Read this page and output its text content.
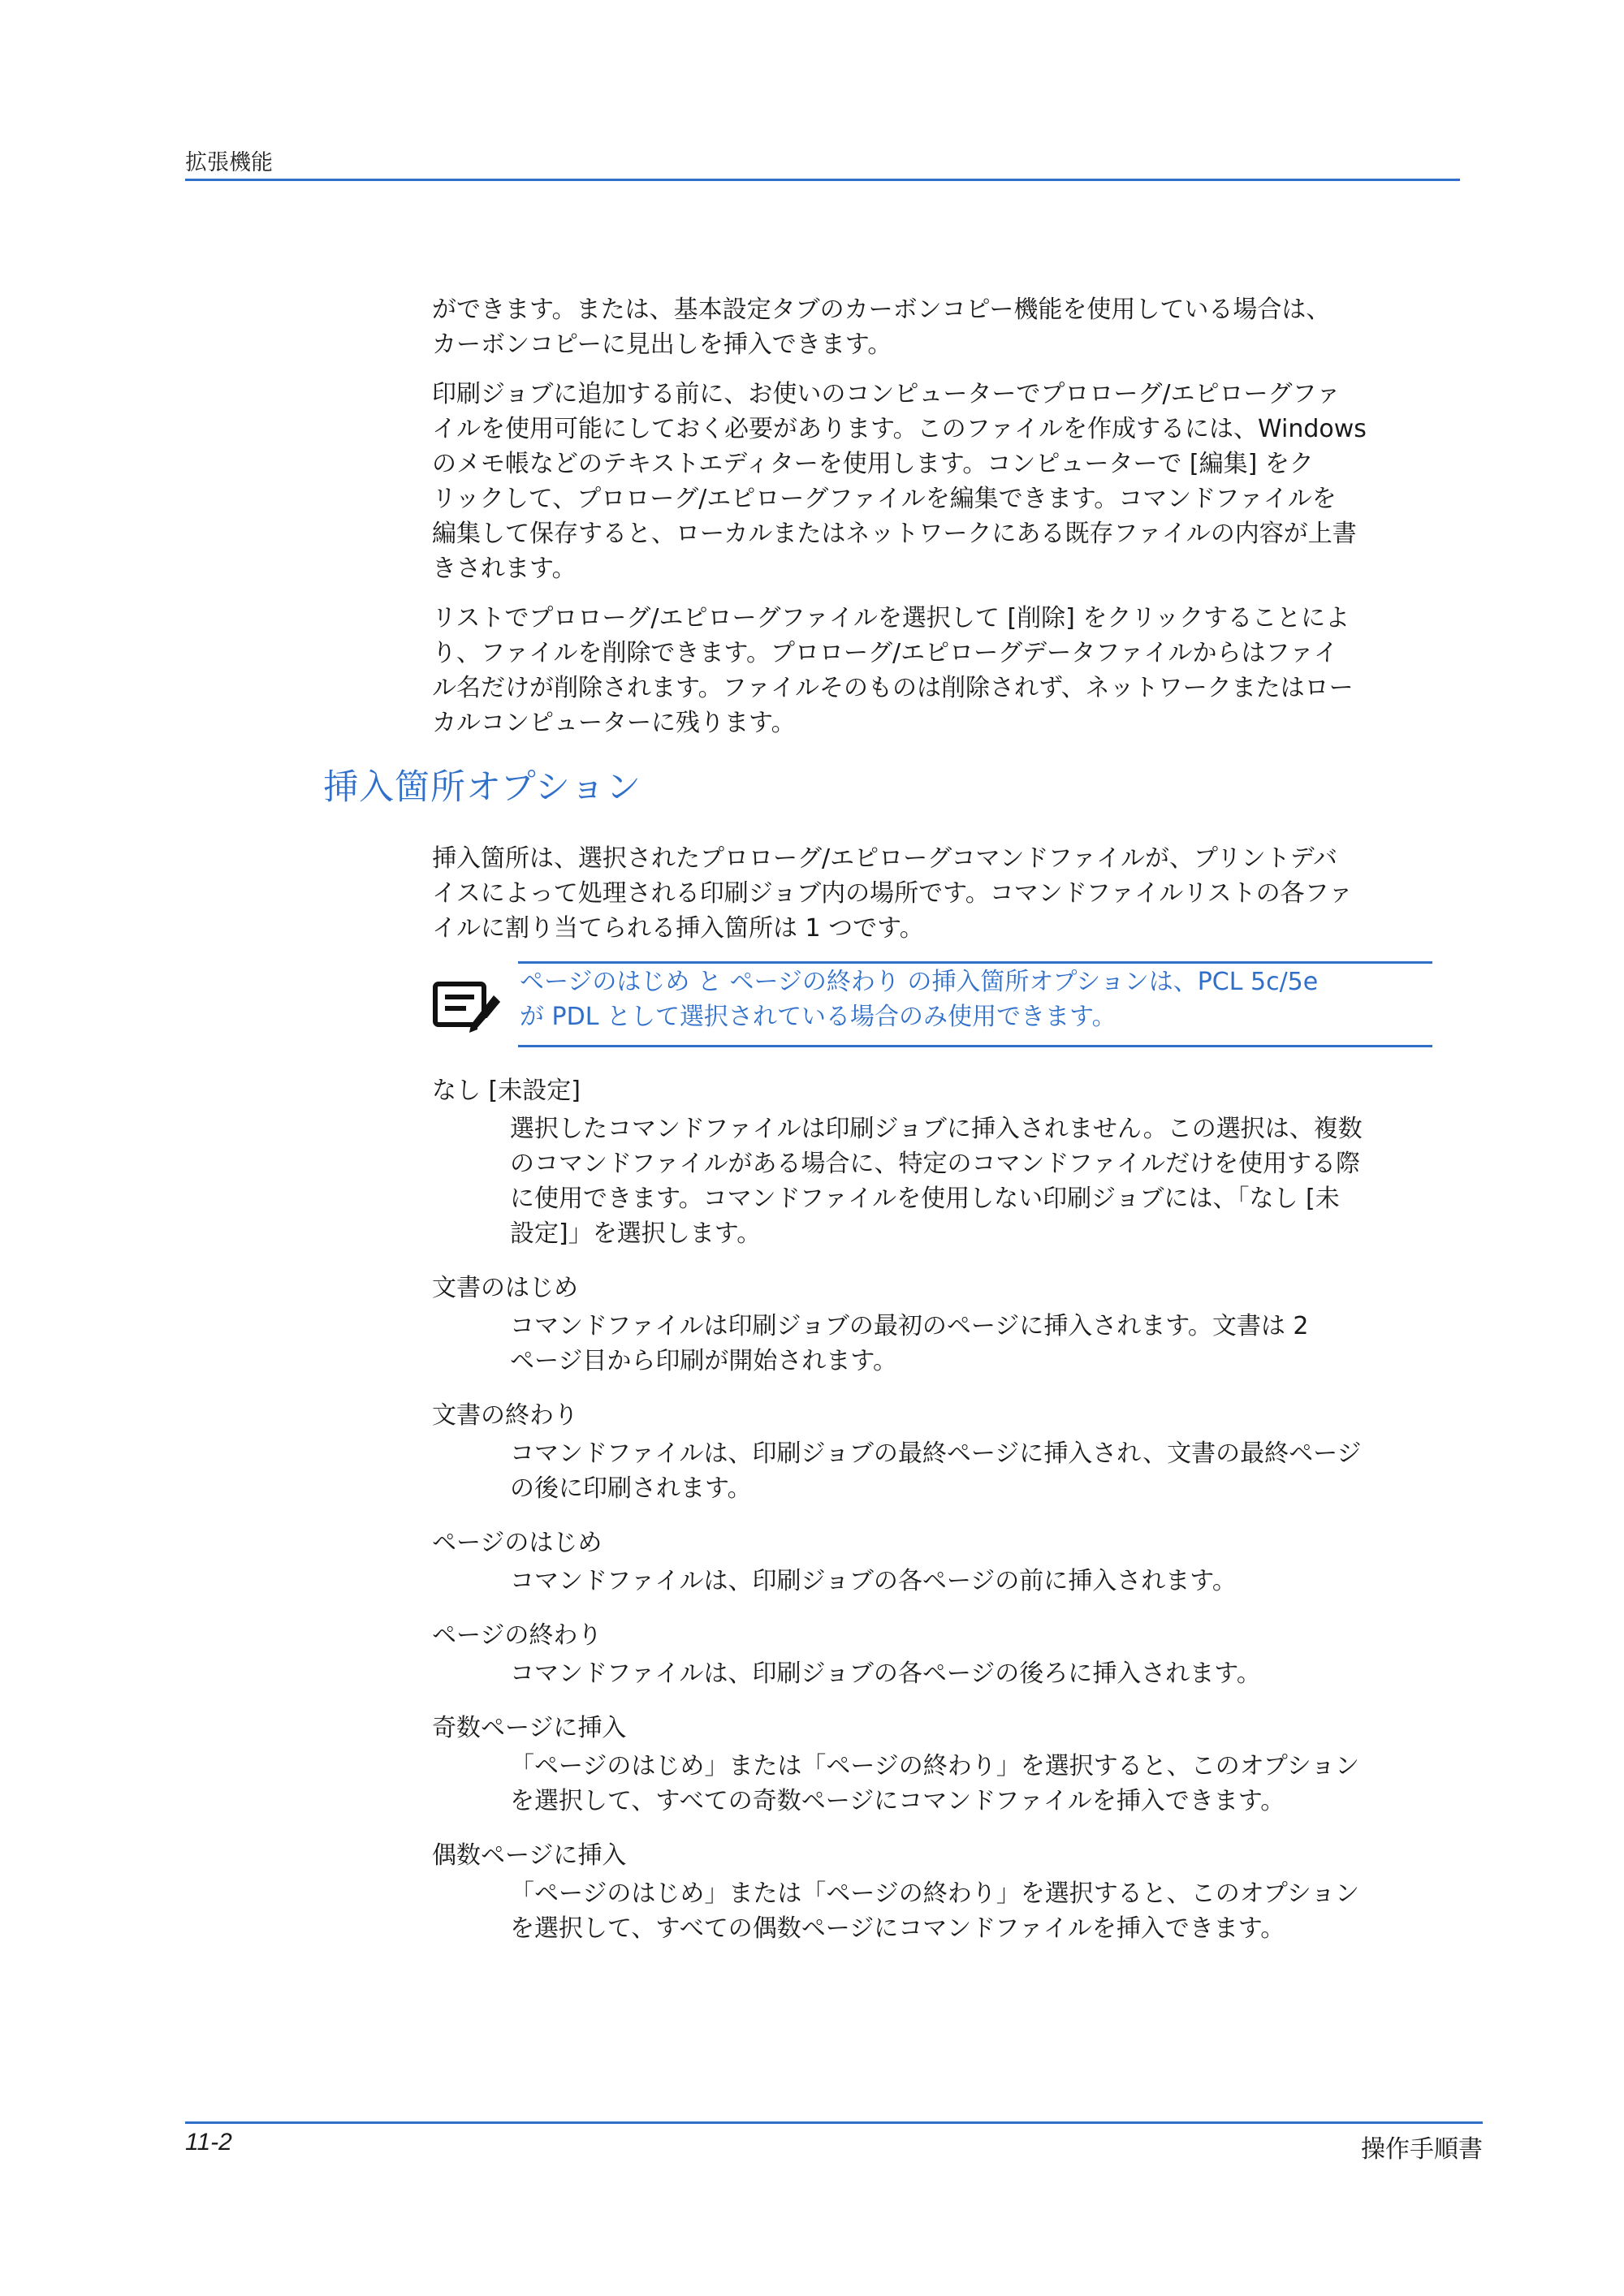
拡張機能

ができます。または、基本設定タブのカーボンコピー機能を使用している場合は、
カーボンコピーに見出しを挿入できます。

印刷ジョブに追加する前に、お使いのコンピューターでプロローグ/エピローグファ
イルを使用可能にしておく必要があります。このファイルを作成するには、Windows
のメモ帳などのテキストエディターを使用します。コンピューターで [編集] をク
リックして、プロローグ/エピローグファイルを編集できます。コマンドファイルを
編集して保存すると、ローカルまたはネットワークにある既存ファイルの内容が上書
きされます。

リストでプロローグ/エピローグファイルを選択して [削除] をクリックすることによ
り、ファイルを削除できます。プロローグ/エピローグデータファイルからはファイ
ル名だけが削除されます。ファイルそのものは削除されず、ネットワークまたはロー
カルコンピューターに残ります。

挿入箇所オプション

挿入箇所は、選択されたプロローグ/エピローグコマンドファイルが、プリントデバ
イスによって処理される印刷ジョブ内の場所です。コマンドファイルリストの各ファ
イルに割り当てられる挿入箇所は 1 つです。

ページのはじめ と ページの終わり の挿入箇所オプションは、PCL 5c/5e
が PDL として選択されている場合のみ使用できます。
なし [未設定]
選択したコマンドファイルは印刷ジョブに挿入されません。この選択は、複数
のコマンドファイルがある場合に、特定のコマンドファイルだけを使用する際
に使用できます。コマンドファイルを使用しない印刷ジョブには、「なし [未
設定]」を選択します。
文書のはじめ
コマンドファイルは印刷ジョブの最初のページに挿入されます。文書は 2
ページ目から印刷が開始されます。
文書の終わり
コマンドファイルは、印刷ジョブの最終ページに挿入され、文書の最終ページ
の後に印刷されます。
ページのはじめ
コマンドファイルは、印刷ジョブの各ページの前に挿入されます。
ページの終わり
コマンドファイルは、印刷ジョブの各ページの後ろに挿入されます。
奇数ページに挿入
「ページのはじめ」または「ページの終わり」を選択すると、このオプション
を選択して、すべての奇数ページにコマンドファイルを挿入できます。
偶数ページに挿入
「ページのはじめ」または「ページの終わり」を選択すると、このオプション
を選択して、すべての偶数ページにコマンドファイルを挿入できます。
11-2	操作手順書
